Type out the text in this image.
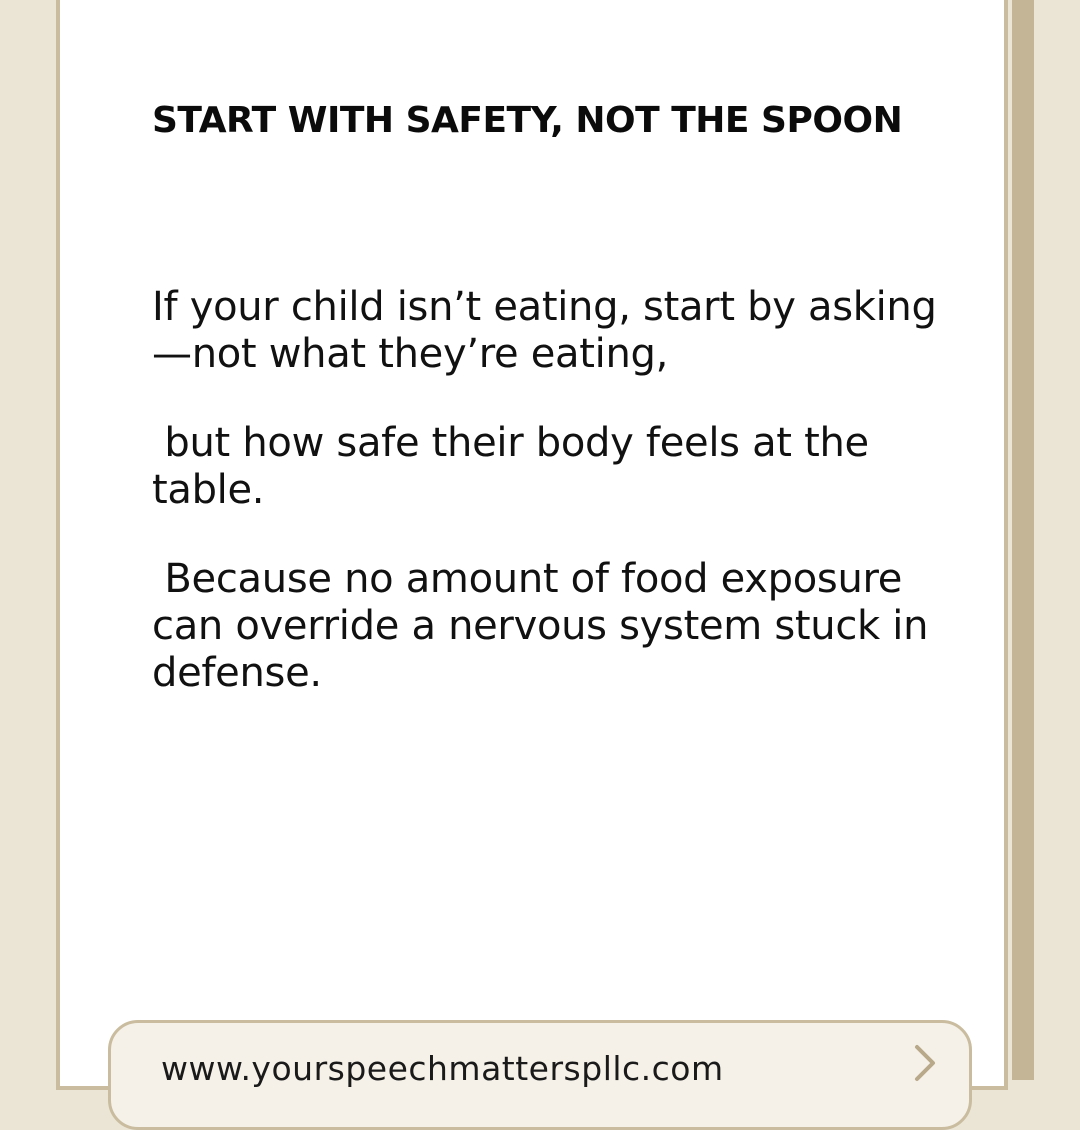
START WITH SAFETY, NOT THE SPOON

If your child isn’t eating, start by asking
—not what they’re eating,

but how safe their body feels at the
table.

Because no amount of food exposure
can override a nervous system stuck in
defense.

www.yourspeechmatterspllc.com
